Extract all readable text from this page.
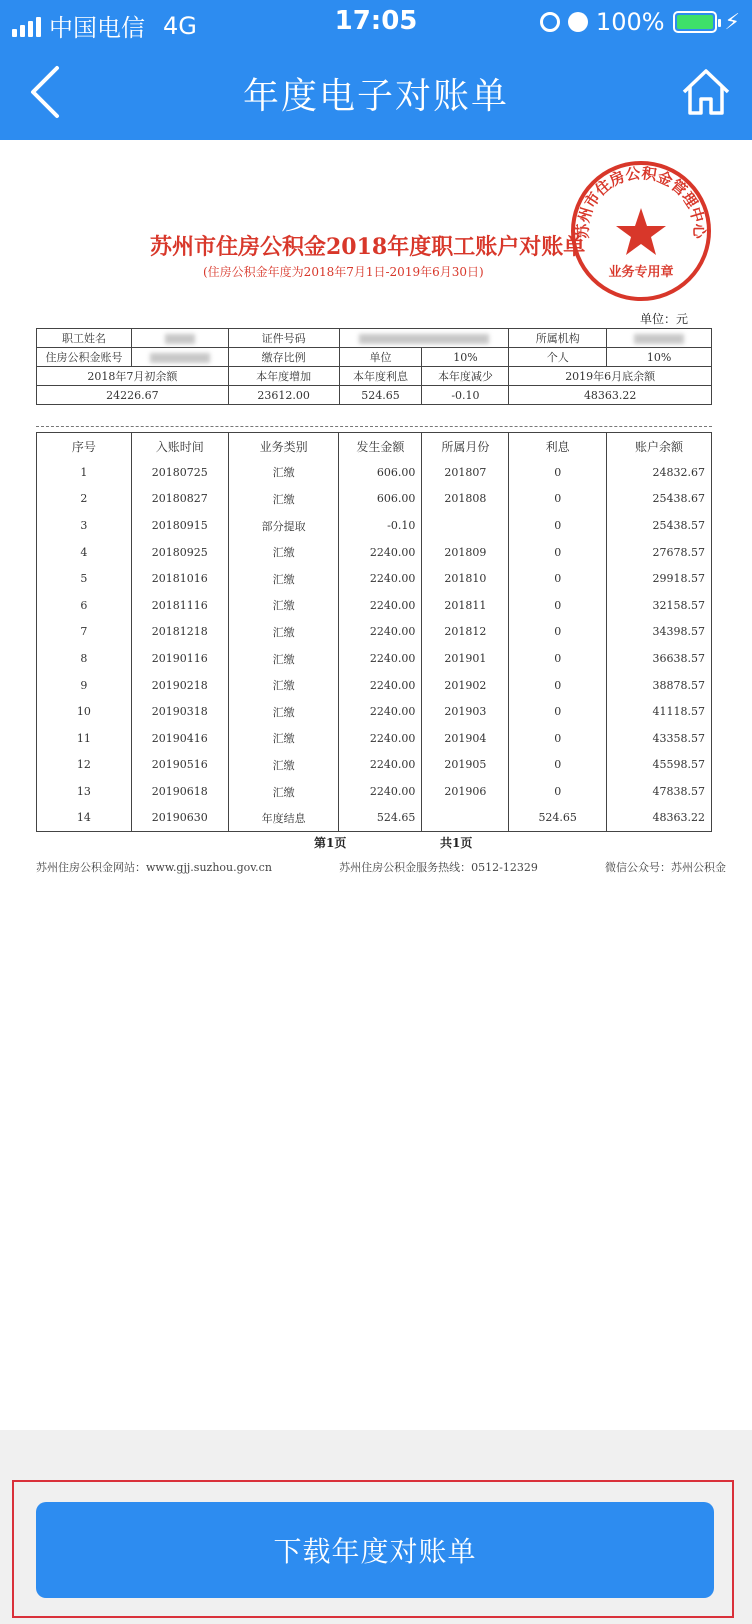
中国电信 4G	17:05	100%	⚡
年度电子对账单
苏州市住房公积金2018年度职工账户对账单
(住房公积金年度为2018年7月1日-2019年6月30日)
苏州市住房公积金管理中心
业务专用章
单位：元
职工姓名		证件号码			所属机构	
住房公积金账号		缴存比例	单位	10%	个人	10%
2018年7月初余额		本年度增加	本年度利息	本年度减少	2019年6月底余额	
24226.67		23612.00	524.65	-0.10	48363.22	
序号	入账时间	业务类别	发生金额	所属月份	利息	账户余额
1	20180725	汇缴	606.00	201807	0	24832.67
2	20180827	汇缴	606.00	201808	0	25438.67
3	20180915	部分提取	-0.10		0	25438.57
4	20180925	汇缴	2240.00	201809	0	27678.57
5	20181016	汇缴	2240.00	201810	0	29918.57
6	20181116	汇缴	2240.00	201811	0	32158.57
7	20181218	汇缴	2240.00	201812	0	34398.57
8	20190116	汇缴	2240.00	201901	0	36638.57
9	20190218	汇缴	2240.00	201902	0	38878.57
10	20190318	汇缴	2240.00	201903	0	41118.57
11	20190416	汇缴	2240.00	201904	0	43358.57
12	20190516	汇缴	2240.00	201905	0	45598.57
13	20190618	汇缴	2240.00	201906	0	47838.57
14	20190630	年度结息	524.65		524.65	48363.22
第1页	共1页
苏州住房公积金网站：www.gjj.suzhou.gov.cn	苏州住房公积金服务热线：0512-12329	微信公众号：苏州公积金
下载年度对账单
